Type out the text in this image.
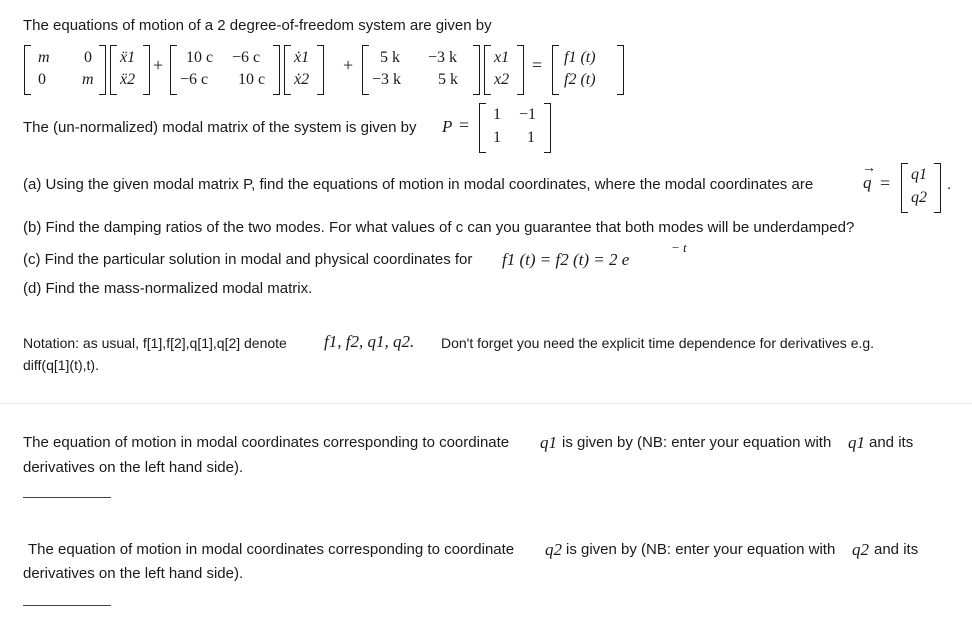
The equations of motion of a 2 degree-of-freedom system are given by
m 0
0 m
ẍ1
ẍ2
+ 10 c −6 c
−6 c 10 c
ẋ1
ẋ2
+ 5 k −3 k
−3 k 5 k
x1
x2
= f1 (t)
f2 (t)
The (un-normalized) modal matrix of the system is given by P =
1 −1
1 1
(a) Using the given modal matrix P, find the equations of motion in modal coordinates, where the modal coordinates are
→
q = q1
q2
.
(b) Find the damping ratios of the two modes. For what values of c can you guarantee that both modes will be underdamped?
(c) Find the particular solution in modal and physical coordinates for f1 (t) = f2 (t) = 2 e
− t
(d) Find the mass-normalized modal matrix.
Notation: as usual, f[1],f[2],q[1],q[2] denote f1, f2, q1, q2. Don't forget you need the explicit time dependence for derivatives e.g.
diff(q[1](t),t).
The equation of motion in modal coordinates corresponding to coordinate q1 is given by (NB: enter your equation with q1 and its
derivatives on the left hand side).
The equation of motion in modal coordinates corresponding to coordinate q2 is given by (NB: enter your equation with q2 and its
derivatives on the left hand side).
